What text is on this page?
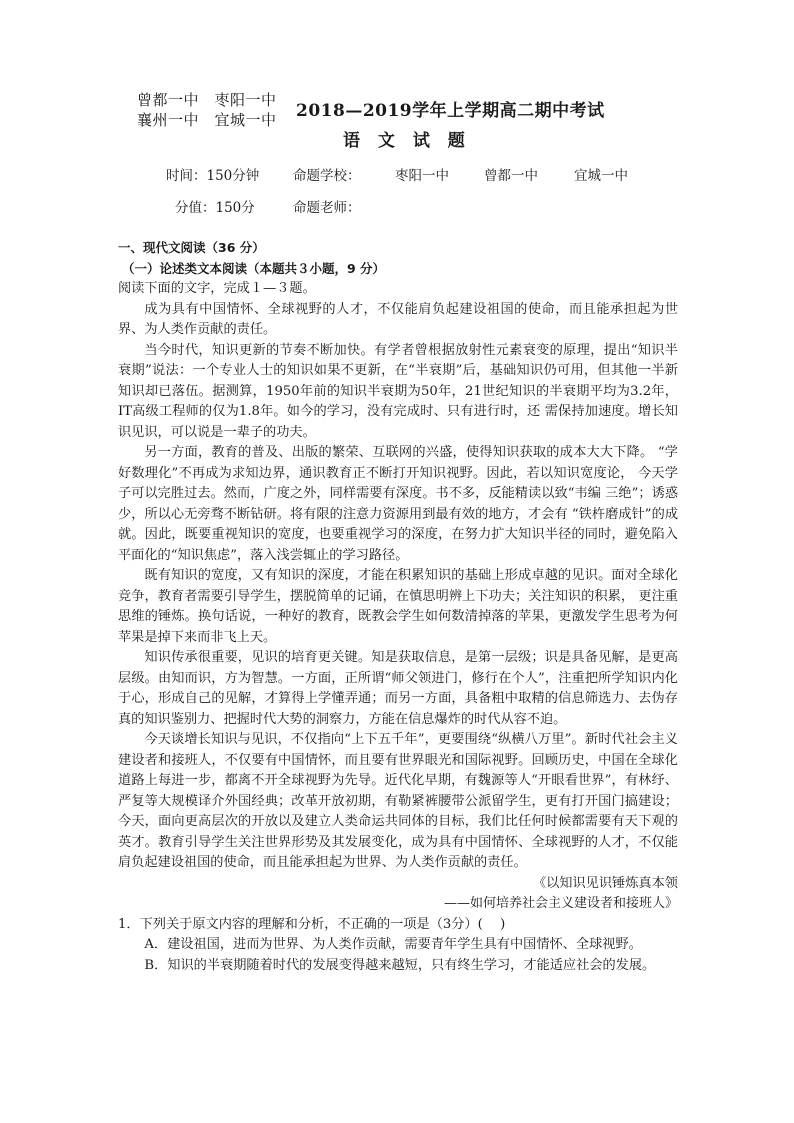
曾都一中　枣阳一中
襄州一中　宜城一中 2018—2019学年上学期高二期中考试
语 文 试 题
时间：150分钟 命题学校：	枣阳一中	曾都一中	宜城一中
分值：150分	命题老师：
一、现代文阅读（36 分）
（一）论述类文本阅读（本题共３小题，9 分）

阅读下面的文字，完成１—３题。

成为具有中国情怀、全球视野的人才，不仅能肩负起建设祖国的使命，而且能承担起为世界、为人类作贡献的责任。

当今时代，知识更新的节奏不断加快。有学者曾根据放射性元素衰变的原理，提出“知识半衰期”说法：一个专业人士的知识如果不更新，在“半衰期”后，基础知识仍可用，但其他一半新知识却已落伍。据测算，1950年前的知识半衰期为50年，21世纪知识的半衰期平均为3.2年，IT高级工程师的仅为1.8年。如今的学习，没有完成时、只有进行时，还 需保持加速度。增长知识见识，可以说是一辈子的功夫。

另一方面，教育的普及、出版的繁荣、互联网的兴盛，使得知识获取的成本大大下降。 “学好数理化”不再成为求知边界，通识教育正不断打开知识视野。因此，若以知识宽度论， 今天学子可以完胜过去。然而，广度之外，同样需要有深度。书不多，反能精读以致“韦编 三绝”；诱惑少，所以心无旁骛不断钻研。将有限的注意力资源用到最有效的地方，才会有 “铁杵磨成针”的成就。因此，既要重视知识的宽度，也要重视学习的深度，在努力扩大知识半径的同时，避免陷入平面化的“知识焦虑”，落入浅尝辄止的学习路径。

既有知识的宽度，又有知识的深度，才能在积累知识的基础上形成卓越的见识。面对全球化竞争，教育者需要引导学生，摆脱简单的记诵，在慎思明辨上下功夫；关注知识的积累， 更注重思维的锤炼。换句话说，一种好的教育，既教会学生如何数清掉落的苹果，更激发学生思考为何苹果是掉下来而非飞上天。

知识传承很重要，见识的培育更关键。知是获取信息，是第一层级；识是具备见解，是更高层级。由知而识，方为智慧。一方面，正所谓“师父领进门，修行在个人”，注重把所学知识内化于心，形成自己的见解，才算得上学懂弄通；而另一方面，具备粗中取精的信息筛选力、去伪存真的知识鉴别力、把握时代大势的洞察力，方能在信息爆炸的时代从容不迫。

今天谈增长知识与见识，不仅指向“上下五千年”，更要围绕“纵横八万里”。新时代社会主义建设者和接班人，不仅要有中国情怀，而且要有世界眼光和国际视野。回顾历史，中国在全球化道路上每进一步，都离不开全球视野为先导。近代化早期，有魏源等人“开眼看世界”，有林纾、严复等大规模译介外国经典；改革开放初期，有勒紧裤腰带公派留学生，更有打开国门搞建设；今天，面向更高层次的开放以及建立人类命运共同体的目标，我们比任何时候都需要有天下观的英才。教育引导学生关注世界形势及其发展变化，成为具有中国情怀、全球视野的人才，不仅能肩负起建设祖国的使命，而且能承担起为世界、为人类作贡献的责任。

《以知识见识锤炼真本领

——如何培养社会主义建设者和接班人》

1．下列关于原文内容的理解和分析，不正确的一项是（3分）(　 )

A．建设祖国，进而为世界、为人类作贡献，需要青年学生具有中国情怀、全球视野。

B．知识的半衰期随着时代的发展变得越来越短，只有终生学习，才能适应社会的发展。
